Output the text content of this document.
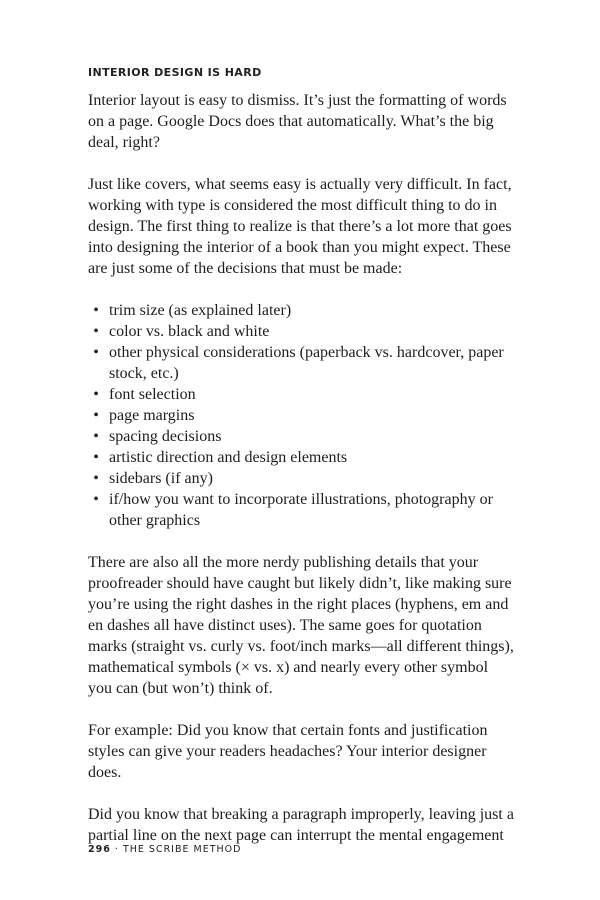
INTERIOR DESIGN IS HARD

Interior layout is easy to dismiss. It’s just the formatting of words on a page. Google Docs does that automatically. What’s the big deal, right?

Just like covers, what seems easy is actually very difficult. In fact, working with type is considered the most difficult thing to do in design. The first thing to realize is that there’s a lot more that goes into designing the interior of a book than you might expect. These are just some of the decisions that must be made:

• trim size (as explained later)
• color vs. black and white
• other physical considerations (paperback vs. hardcover, paper stock, etc.)
• font selection
• page margins
• spacing decisions
• artistic direction and design elements
• sidebars (if any)
• if/how you want to incorporate illustrations, photography or other graphics

There are also all the more nerdy publishing details that your proofreader should have caught but likely didn’t, like making sure you’re using the right dashes in the right places (hyphens, em and en dashes all have distinct uses). The same goes for quotation marks (straight vs. curly vs. foot/inch marks—all different things), mathematical symbols (× vs. x) and nearly every other symbol you can (but won’t) think of.

For example: Did you know that certain fonts and justification styles can give your readers headaches? Your interior designer does.

Did you know that breaking a paragraph improperly, leaving just a partial line on the next page can interrupt the mental engagement

296 · THE SCRIBE METHOD
